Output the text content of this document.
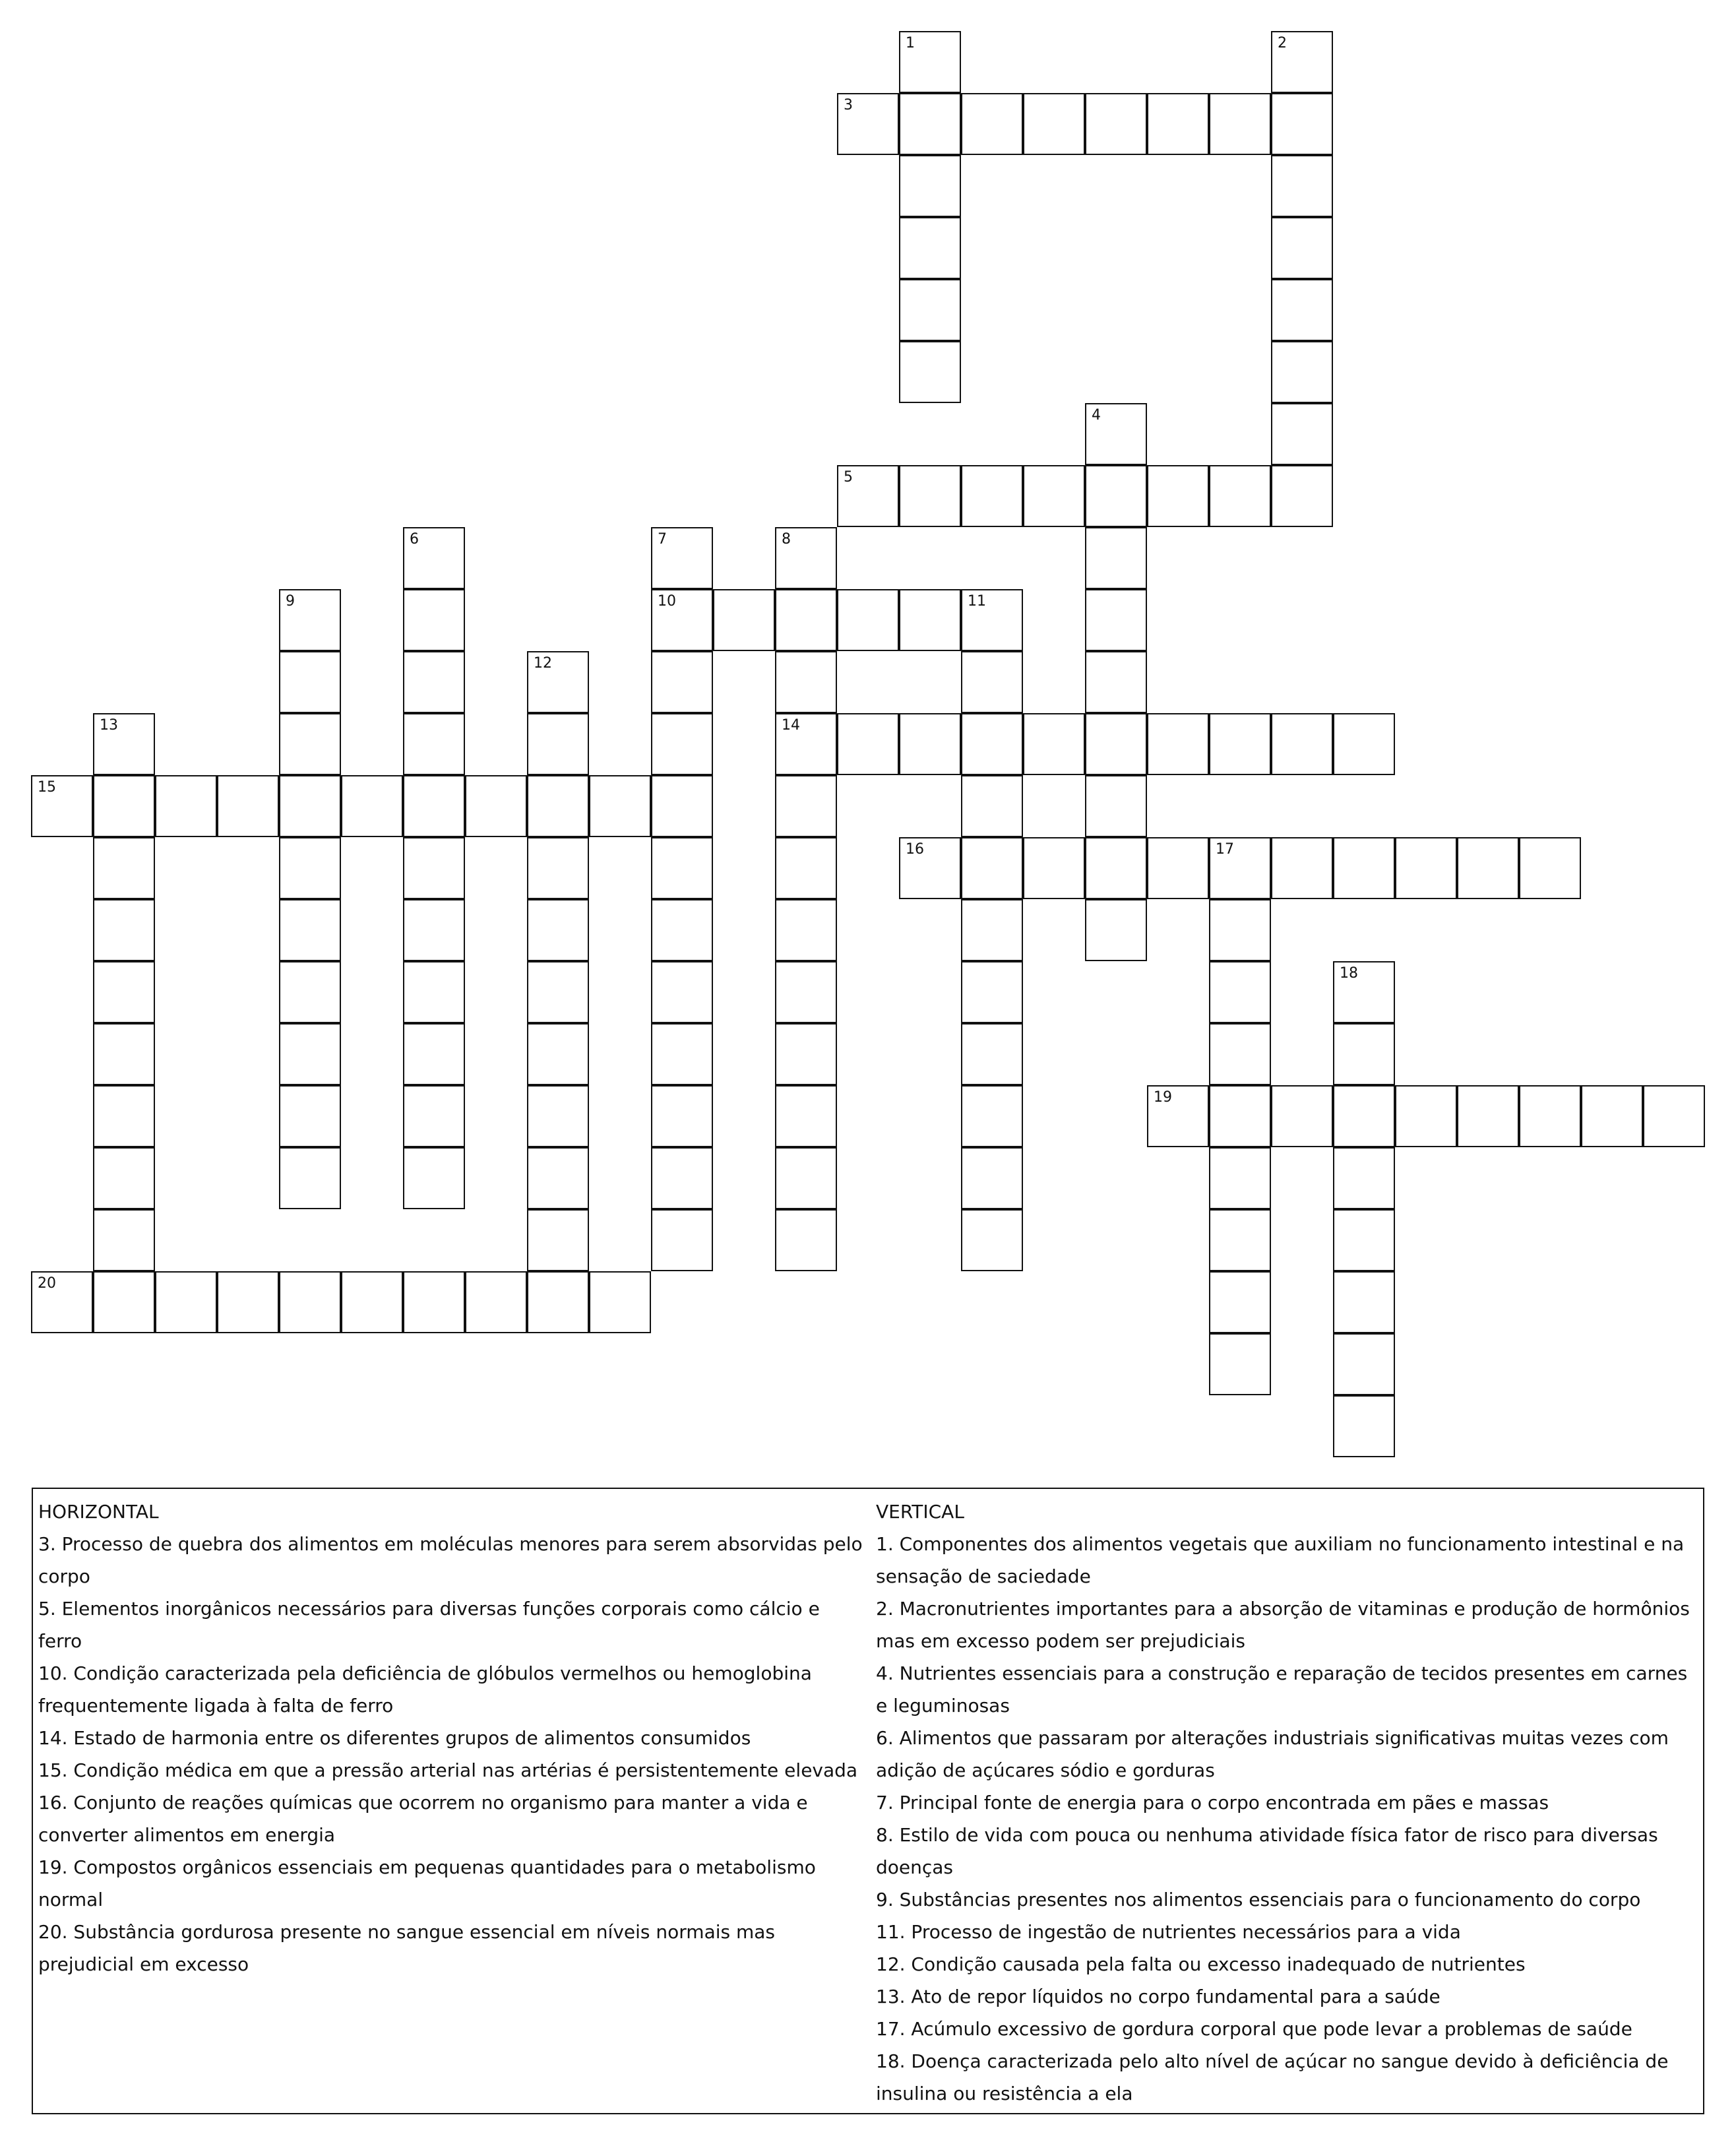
1	2
3
4
5
6	7
10
8
14
9	11
12
13
15
16	17
18
19
20

HORIZONTAL

3. Processo de quebra dos alimentos em moléculas menores para serem absorvidas pelo corpo

5. Elementos inorgânicos necessários para diversas funções corporais como cálcio e ferro

10. Condição caracterizada pela deficiência de glóbulos vermelhos ou hemoglobina frequentemente ligada à falta de ferro

14. Estado de harmonia entre os diferentes grupos de alimentos consumidos

15. Condição médica em que a pressão arterial nas artérias é persistentemente elevada

16. Conjunto de reações químicas que ocorrem no organismo para manter a vida e converter alimentos em energia

19. Compostos orgânicos essenciais em pequenas quantidades para o metabolismo normal

20. Substância gordurosa presente no sangue essencial em níveis normais mas prejudicial em excesso

VERTICAL

1. Componentes dos alimentos vegetais que auxiliam no funcionamento intestinal e na sensação de saciedade

2. Macronutrientes importantes para a absorção de vitaminas e produção de hormônios mas em excesso podem ser prejudiciais

4. Nutrientes essenciais para a construção e reparação de tecidos presentes em carnes e leguminosas

6. Alimentos que passaram por alterações industriais significativas muitas vezes com adição de açúcares sódio e gorduras

7. Principal fonte de energia para o corpo encontrada em pães e massas

8. Estilo de vida com pouca ou nenhuma atividade física fator de risco para diversas doenças

9. Substâncias presentes nos alimentos essenciais para o funcionamento do corpo

11. Processo de ingestão de nutrientes necessários para a vida

12. Condição causada pela falta ou excesso inadequado de nutrientes

13. Ato de repor líquidos no corpo fundamental para a saúde

17. Acúmulo excessivo de gordura corporal que pode levar a problemas de saúde

18. Doença caracterizada pelo alto nível de açúcar no sangue devido à deficiência de insulina ou resistência a ela
